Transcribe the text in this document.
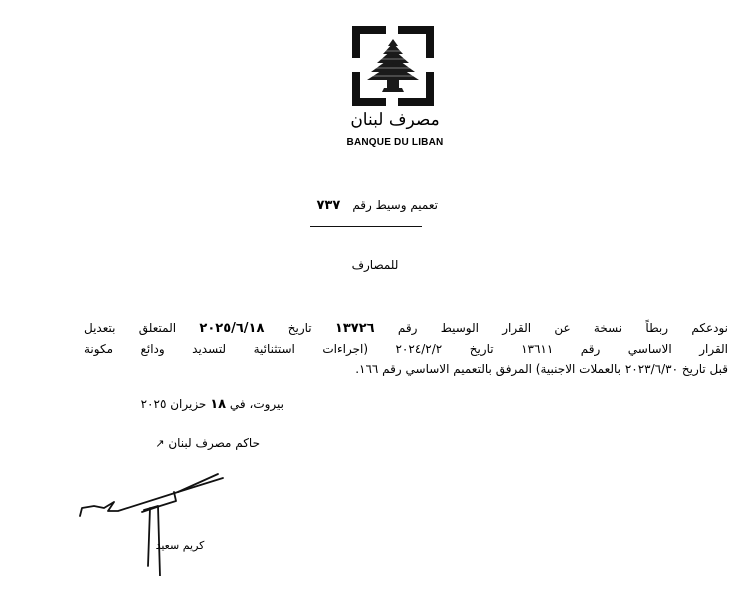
مصرف لبنان
BANQUE DU LIBAN
تعميم وسيط رقم٧٣٧
للمصارف
نودعكم ربطاً نسخة عن القرار الوسيط رقم ١٣٧٢٦ تاريخ ٢٠٢٥/٦/١٨ المتعلق بتعديل
القرار الاساسي رقم ١٣٦١١ تاريخ ٢٠٢٤/٢/٢ (اجراءات استثنائية لتسديد ودائع مكونة
قبل تاريخ ٢٠٢٣/٦/٣٠ بالعملات الاجنبية) المرفق بالتعميم الاساسي رقم ١٦٦.
بيروت، في ١٨ حزيران ٢٠٢٥
حاكم مصرف لبنان ↗
كريم سعيد
